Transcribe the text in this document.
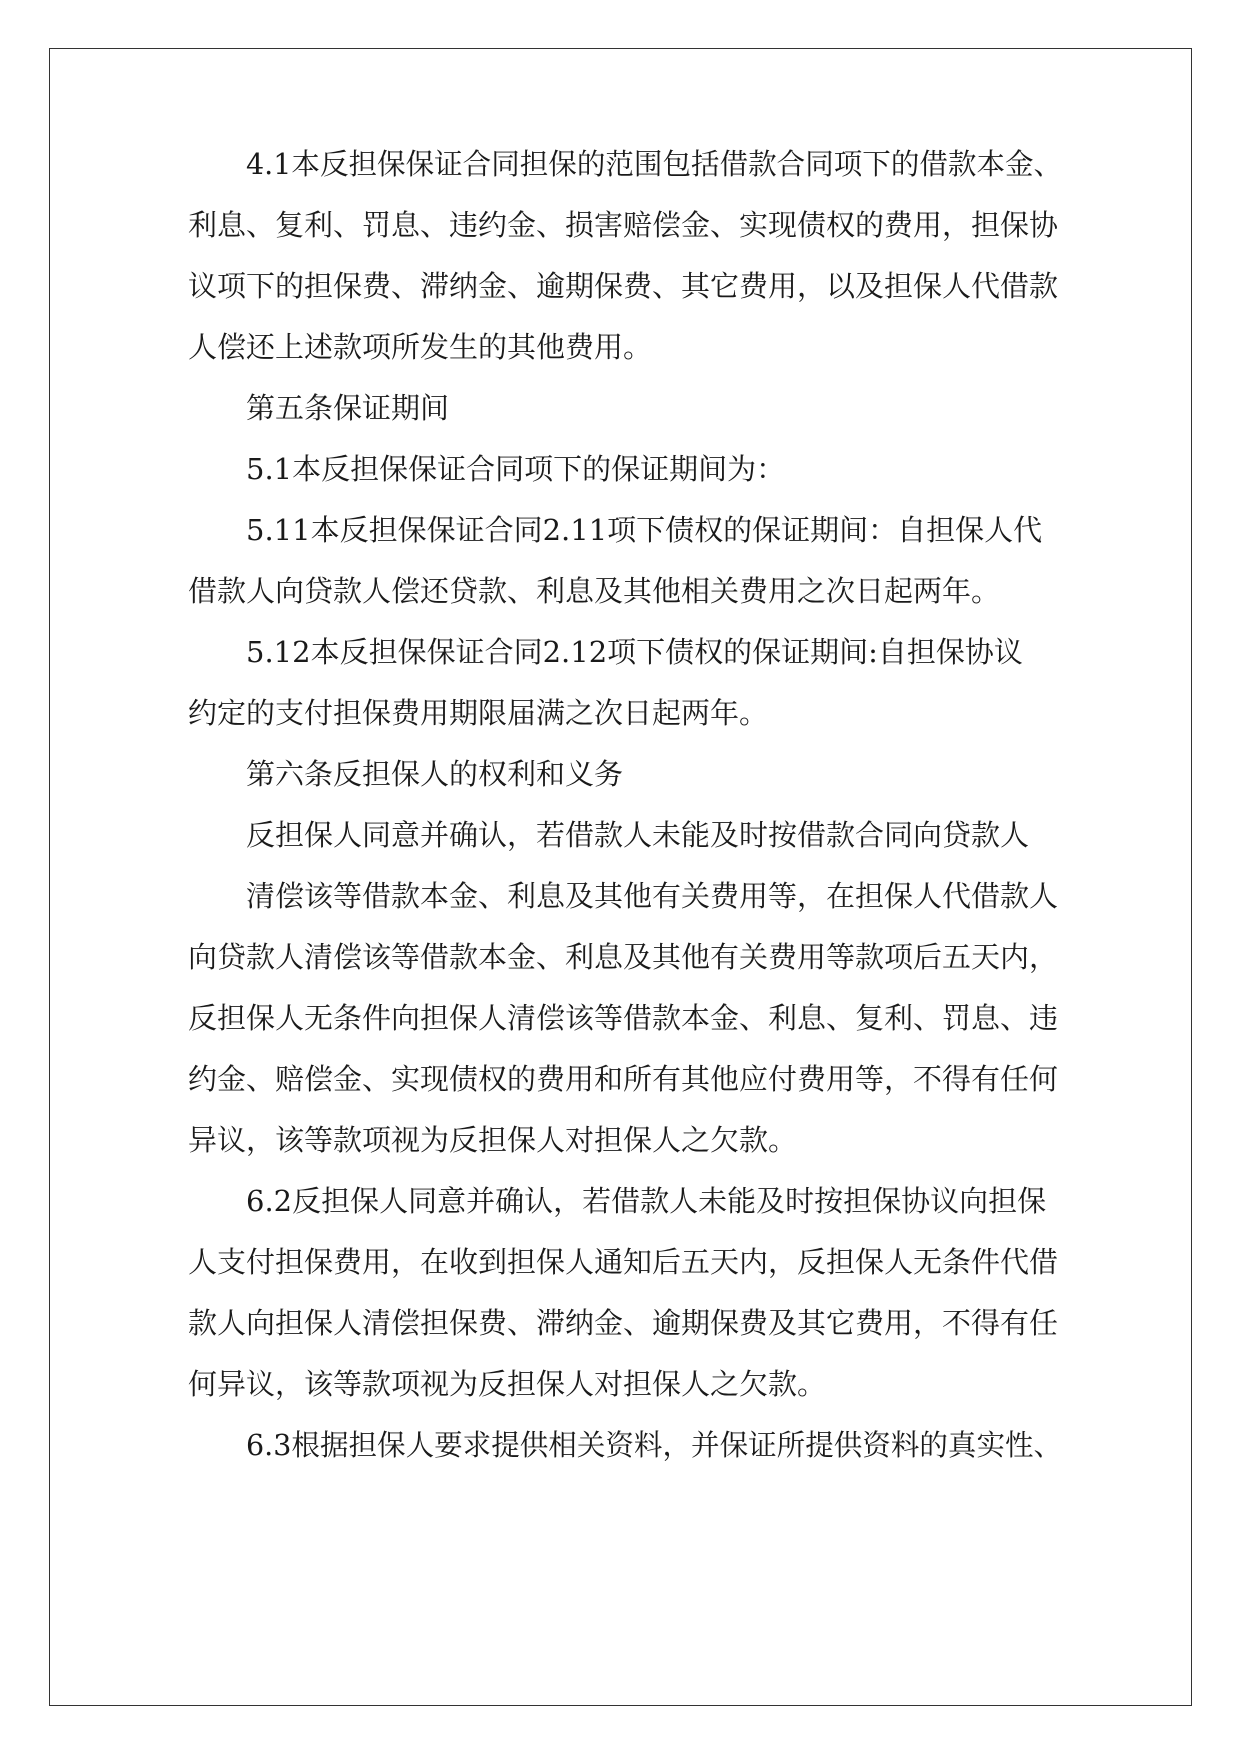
4.1本反担保保证合同担保的范围包括借款合同项下的借款本金、
利息、复利、罚息、违约金、损害赔偿金、实现债权的费用，担保协
议项下的担保费、滞纳金、逾期保费、其它费用，以及担保人代借款
人偿还上述款项所发生的其他费用。
第五条保证期间
5.1本反担保保证合同项下的保证期间为：
5.11本反担保保证合同2.11项下债权的保证期间：自担保人代
借款人向贷款人偿还贷款、利息及其他相关费用之次日起两年。
5.12本反担保保证合同2.12项下债权的保证期间:自担保协议
约定的支付担保费用期限届满之次日起两年。
第六条反担保人的权利和义务
反担保人同意并确认，若借款人未能及时按借款合同向贷款人
清偿该等借款本金、利息及其他有关费用等，在担保人代借款人
向贷款人清偿该等借款本金、利息及其他有关费用等款项后五天内，
反担保人无条件向担保人清偿该等借款本金、利息、复利、罚息、违
约金、赔偿金、实现债权的费用和所有其他应付费用等，不得有任何
异议，该等款项视为反担保人对担保人之欠款。
6.2反担保人同意并确认，若借款人未能及时按担保协议向担保
人支付担保费用，在收到担保人通知后五天内，反担保人无条件代借
款人向担保人清偿担保费、滞纳金、逾期保费及其它费用，不得有任
何异议，该等款项视为反担保人对担保人之欠款。
6.3根据担保人要求提供相关资料，并保证所提供资料的真实性、
